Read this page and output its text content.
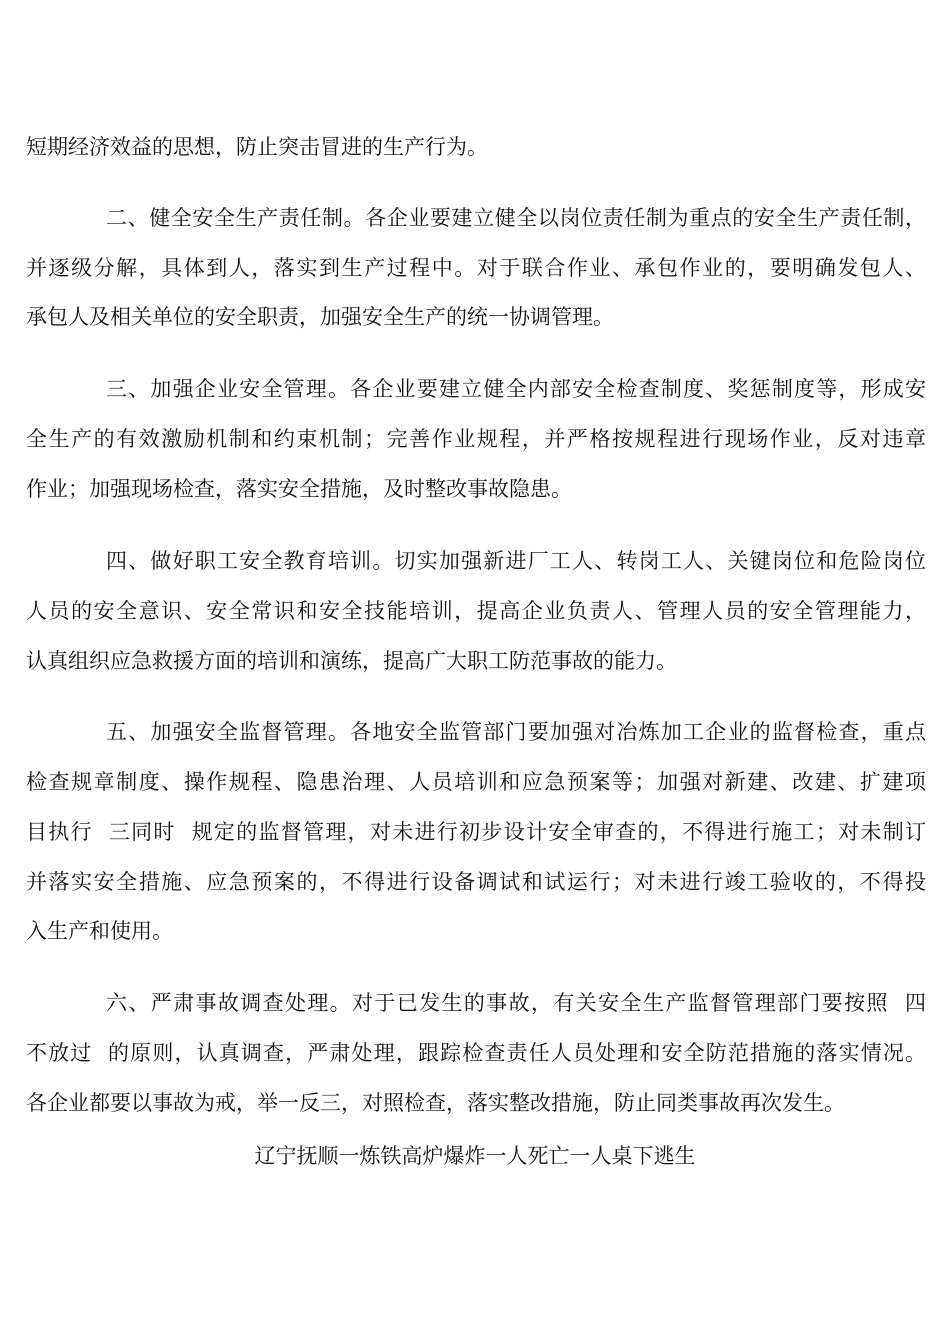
短期经济效益的思想，防止突击冒进的生产行为。
二、健全安全生产责任制。各企业要建立健全以岗位责任制为重点的安全生产责任制，
并逐级分解，具体到人，落实到生产过程中。对于联合作业、承包作业的，要明确发包人、
承包人及相关单位的安全职责，加强安全生产的统一协调管理。
三、加强企业安全管理。各企业要建立健全内部安全检查制度、奖惩制度等，形成安
全生产的有效激励机制和约束机制；完善作业规程，并严格按规程进行现场作业，反对违章
作业；加强现场检查，落实安全措施，及时整改事故隐患。
四、做好职工安全教育培训。切实加强新进厂工人、转岗工人、关键岗位和危险岗位
人员的安全意识、安全常识和安全技能培训，提高企业负责人、管理人员的安全管理能力，
认真组织应急救援方面的培训和演练，提高广大职工防范事故的能力。
五、加强安全监督管理。各地安全监管部门要加强对冶炼加工企业的监督检查，重点
检查规章制度、操作规程、隐患治理、人员培训和应急预案等；加强对新建、改建、扩建项
目执行  三同时  规定的监督管理，对未进行初步设计安全审查的，不得进行施工；对未制订
并落实安全措施、应急预案的，不得进行设备调试和试运行；对未进行竣工验收的，不得投
入生产和使用。
六、严肃事故调查处理。对于已发生的事故，有关安全生产监督管理部门要按照  四
不放过  的原则，认真调查，严肃处理，跟踪检查责任人员处理和安全防范措施的落实情况。
各企业都要以事故为戒，举一反三，对照检查，落实整改措施，防止同类事故再次发生。
辽宁抚顺一炼铁高炉爆炸一人死亡一人桌下逃生
